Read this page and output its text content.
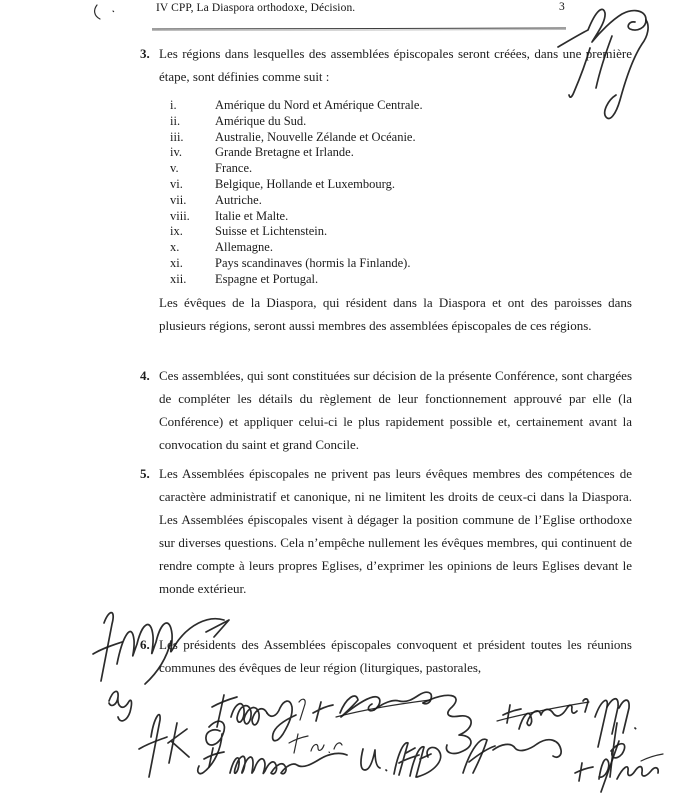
IV CPP, La Diaspora orthodoxe, Décision.	3
3. Les régions dans lesquelles des assemblées épiscopales seront créées, dans une première étape, sont définies comme suit :
i.	Amérique du Nord et Amérique Centrale.
ii.	Amérique du Sud.
iii.	Australie, Nouvelle Zélande et Océanie.
iv.	Grande Bretagne et Irlande.
v.	France.
vi.	Belgique, Hollande et Luxembourg.
vii.	Autriche.
viii.	Italie et Malte.
ix.	Suisse et Lichtenstein.
x.	Allemagne.
xi.	Pays scandinaves (hormis la Finlande).
xii.	Espagne et Portugal.
Les évêques de la Diaspora, qui résident dans la Diaspora et ont des paroisses dans plusieurs régions, seront aussi membres des assemblées épiscopales de ces régions.
4. Ces assemblées, qui sont constituées sur décision de la présente Conférence, sont chargées de compléter les détails du règlement de leur fonctionnement approuvé par elle (la Conférence) et appliquer celui-ci le plus rapidement possible et, certainement avant la convocation du saint et grand Concile.
5. Les Assemblées épiscopales ne privent pas leurs évêques membres des compétences de caractère administratif et canonique, ni ne limitent les droits de ceux-ci dans la Diaspora. Les Assemblées épiscopales visent à dégager la position commune de l’Eglise orthodoxe sur diverses questions. Cela n’empêche nullement les évêques membres, qui continuent de rendre compte à leurs propres Eglises, d’exprimer les opinions de leurs Eglises devant le monde extérieur.
6. Les présidents des Assemblées épiscopales convoquent et président toutes les réunions communes des évêques de leur région (liturgiques, pastorales,
